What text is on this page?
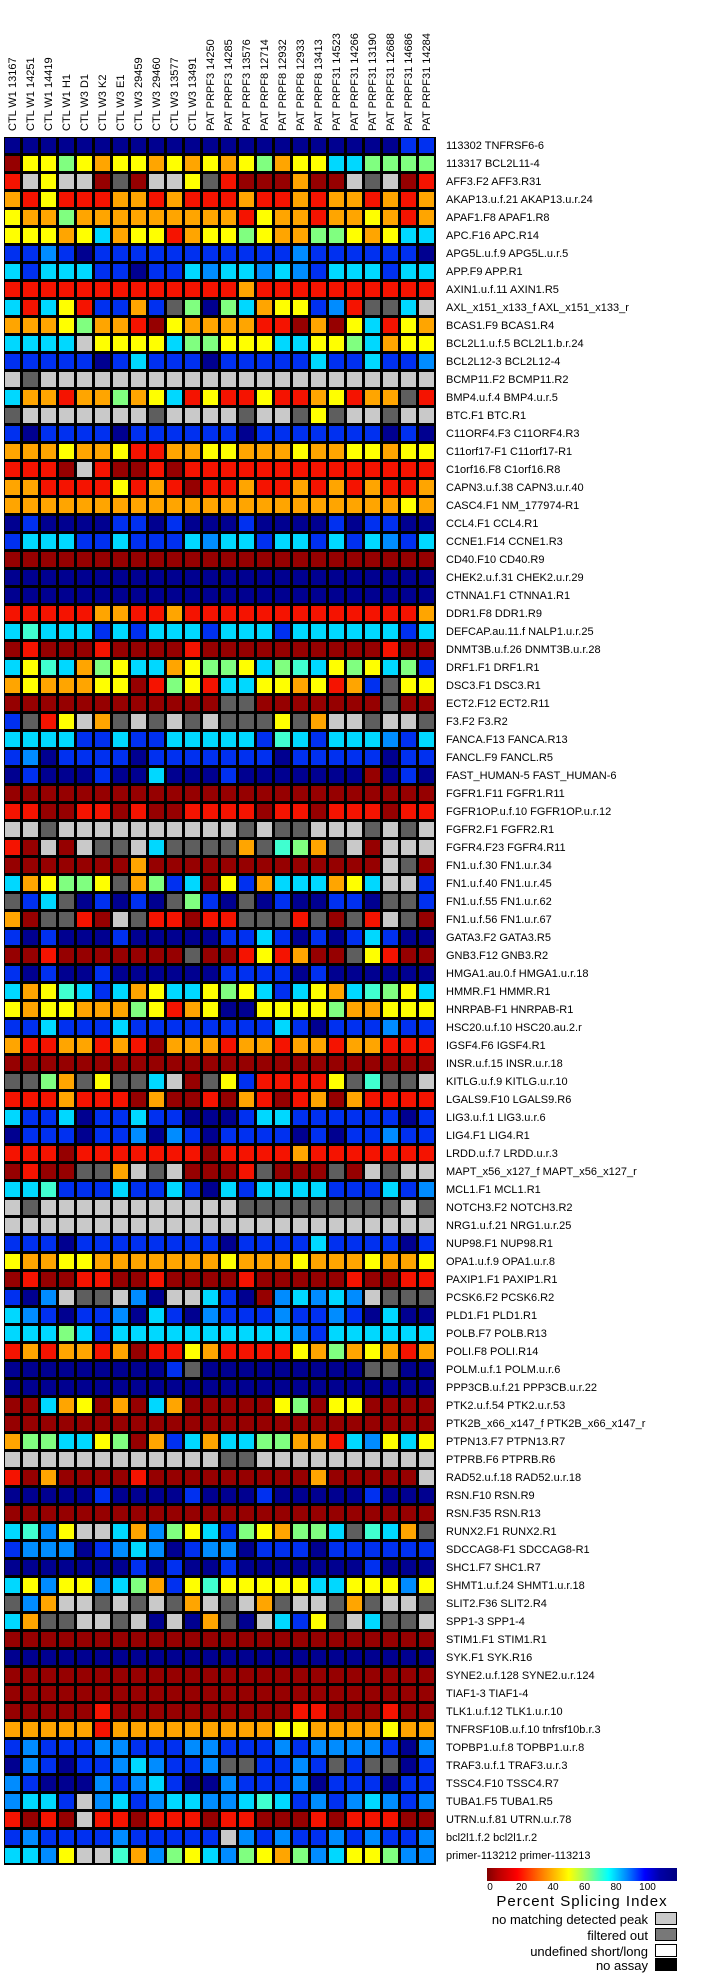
CTL W1 13167 CTL W1 14251 CTL W1 14419 CTL W1 H1 CTL W3 D1 CTL W3 K2 CTL W3 E1 CTL W3 29459 CTL W3 29460 CTL W3 13577 CTL W3 13491 PAT PRPF3 14250 PAT PRPF3 14285 PAT PRPF3 13576 PAT PRPF8 12714 PAT PRPF8 12932 PAT PRPF8 12933 PAT PRPF8 13413 PAT PRPF31 14523 PAT PRPF31 14266 PAT PRPF31 13190 PAT PRPF31 12688 PAT PRPF31 14686 PAT PRPF31 14284
113302 TNFRSF6-6
113317 BCL2L11-4
AFF3.F2 AFF3.R31
AKAP13.u.f.21 AKAP13.u.r.24
APAF1.F8 APAF1.R8
APC.F16 APC.R14
APG5L.u.f.9 APG5L.u.r.5
APP.F9 APP.R1
AXIN1.u.f.11 AXIN1.R5
AXL_x151_x133_f AXL_x151_x133_r
BCAS1.F9 BCAS1.R4
BCL2L1.u.f.5 BCL2L1.b.r.24
BCL2L12-3 BCL2L12-4
BCMP11.F2 BCMP11.R2
BMP4.u.f.4 BMP4.u.r.5
BTC.F1 BTC.R1
C11ORF4.F3 C11ORF4.R3
C11orf17-F1 C11orf17-R1
C1orf16.F8 C1orf16.R8
CAPN3.u.f.38 CAPN3.u.r.40
CASC4.F1 NM_177974-R1
CCL4.F1 CCL4.R1
CCNE1.F14 CCNE1.R3
CD40.F10 CD40.R9
CHEK2.u.f.31 CHEK2.u.r.29
CTNNA1.F1 CTNNA1.R1
DDR1.F8 DDR1.R9
DEFCAP.au.11.f NALP1.u.r.25
DNMT3B.u.f.26 DNMT3B.u.r.28
DRF1.F1 DRF1.R1
DSC3.F1 DSC3.R1
ECT2.F12 ECT2.R11
F3.F2 F3.R2
FANCA.F13 FANCA.R13
FANCL.F9 FANCL.R5
FAST_HUMAN-5 FAST_HUMAN-6
FGFR1.F11 FGFR1.R11
FGFR1OP.u.f.10 FGFR1OP.u.r.12
FGFR2.F1 FGFR2.R1
FGFR4.F23 FGFR4.R11
FN1.u.f.30 FN1.u.r.34
FN1.u.f.40 FN1.u.r.45
FN1.u.f.55 FN1.u.r.62
FN1.u.f.56 FN1.u.r.67
GATA3.F2 GATA3.R5
GNB3.F12 GNB3.R2
HMGA1.au.0.f HMGA1.u.r.18
HMMR.F1 HMMR.R1
HNRPAB-F1 HNRPAB-R1
HSC20.u.f.10 HSC20.au.2.r
IGSF4.F6 IGSF4.R1
INSR.u.f.15 INSR.u.r.18
KITLG.u.f.9 KITLG.u.r.10
LGALS9.F10 LGALS9.R6
LIG3.u.f.1 LIG3.u.r.6
LIG4.F1 LIG4.R1
LRDD.u.f.7 LRDD.u.r.3
MAPT_x56_x127_f MAPT_x56_x127_r
MCL1.F1 MCL1.R1
NOTCH3.F2 NOTCH3.R2
NRG1.u.f.21 NRG1.u.r.25
NUP98.F1 NUP98.R1
OPA1.u.f.9 OPA1.u.r.8
PAXIP1.F1 PAXIP1.R1
PCSK6.F2 PCSK6.R2
PLD1.F1 PLD1.R1
POLB.F7 POLB.R13
POLI.F8 POLI.R14
POLM.u.f.1 POLM.u.r.6
PPP3CB.u.f.21 PPP3CB.u.r.22
PTK2.u.f.54 PTK2.u.r.53
PTK2B_x66_x147_f PTK2B_x66_x147_r
PTPN13.F7 PTPN13.R7
PTPRB.F6 PTPRB.R6
RAD52.u.f.18 RAD52.u.r.18
RSN.F10 RSN.R9
RSN.F35 RSN.R13
RUNX2.F1 RUNX2.R1
SDCCAG8-F1 SDCCAG8-R1
SHC1.F7 SHC1.R7
SHMT1.u.f.24 SHMT1.u.r.18
SLIT2.F36 SLIT2.R4
SPP1-3 SPP1-4
STIM1.F1 STIM1.R1
SYK.F1 SYK.R16
SYNE2.u.f.128 SYNE2.u.r.124
TIAF1-3 TIAF1-4
TLK1.u.f.12 TLK1.u.r.10
TNFRSF10B.u.f.10 tnfrsf10b.r.3
TOPBP1.u.f.8 TOPBP1.u.r.8
TRAF3.u.f.1 TRAF3.u.r.3
TSSC4.F10 TSSC4.R7
TUBA1.F5 TUBA1.R5
UTRN.u.f.81 UTRN.u.r.78
bcl2l1.f.2 bcl2l1.r.2
primer-113212 primer-113213
0	20	40	60	80	100
Percent Splicing Index
no matching detected peak
filtered out
undefined short/long
no assay
